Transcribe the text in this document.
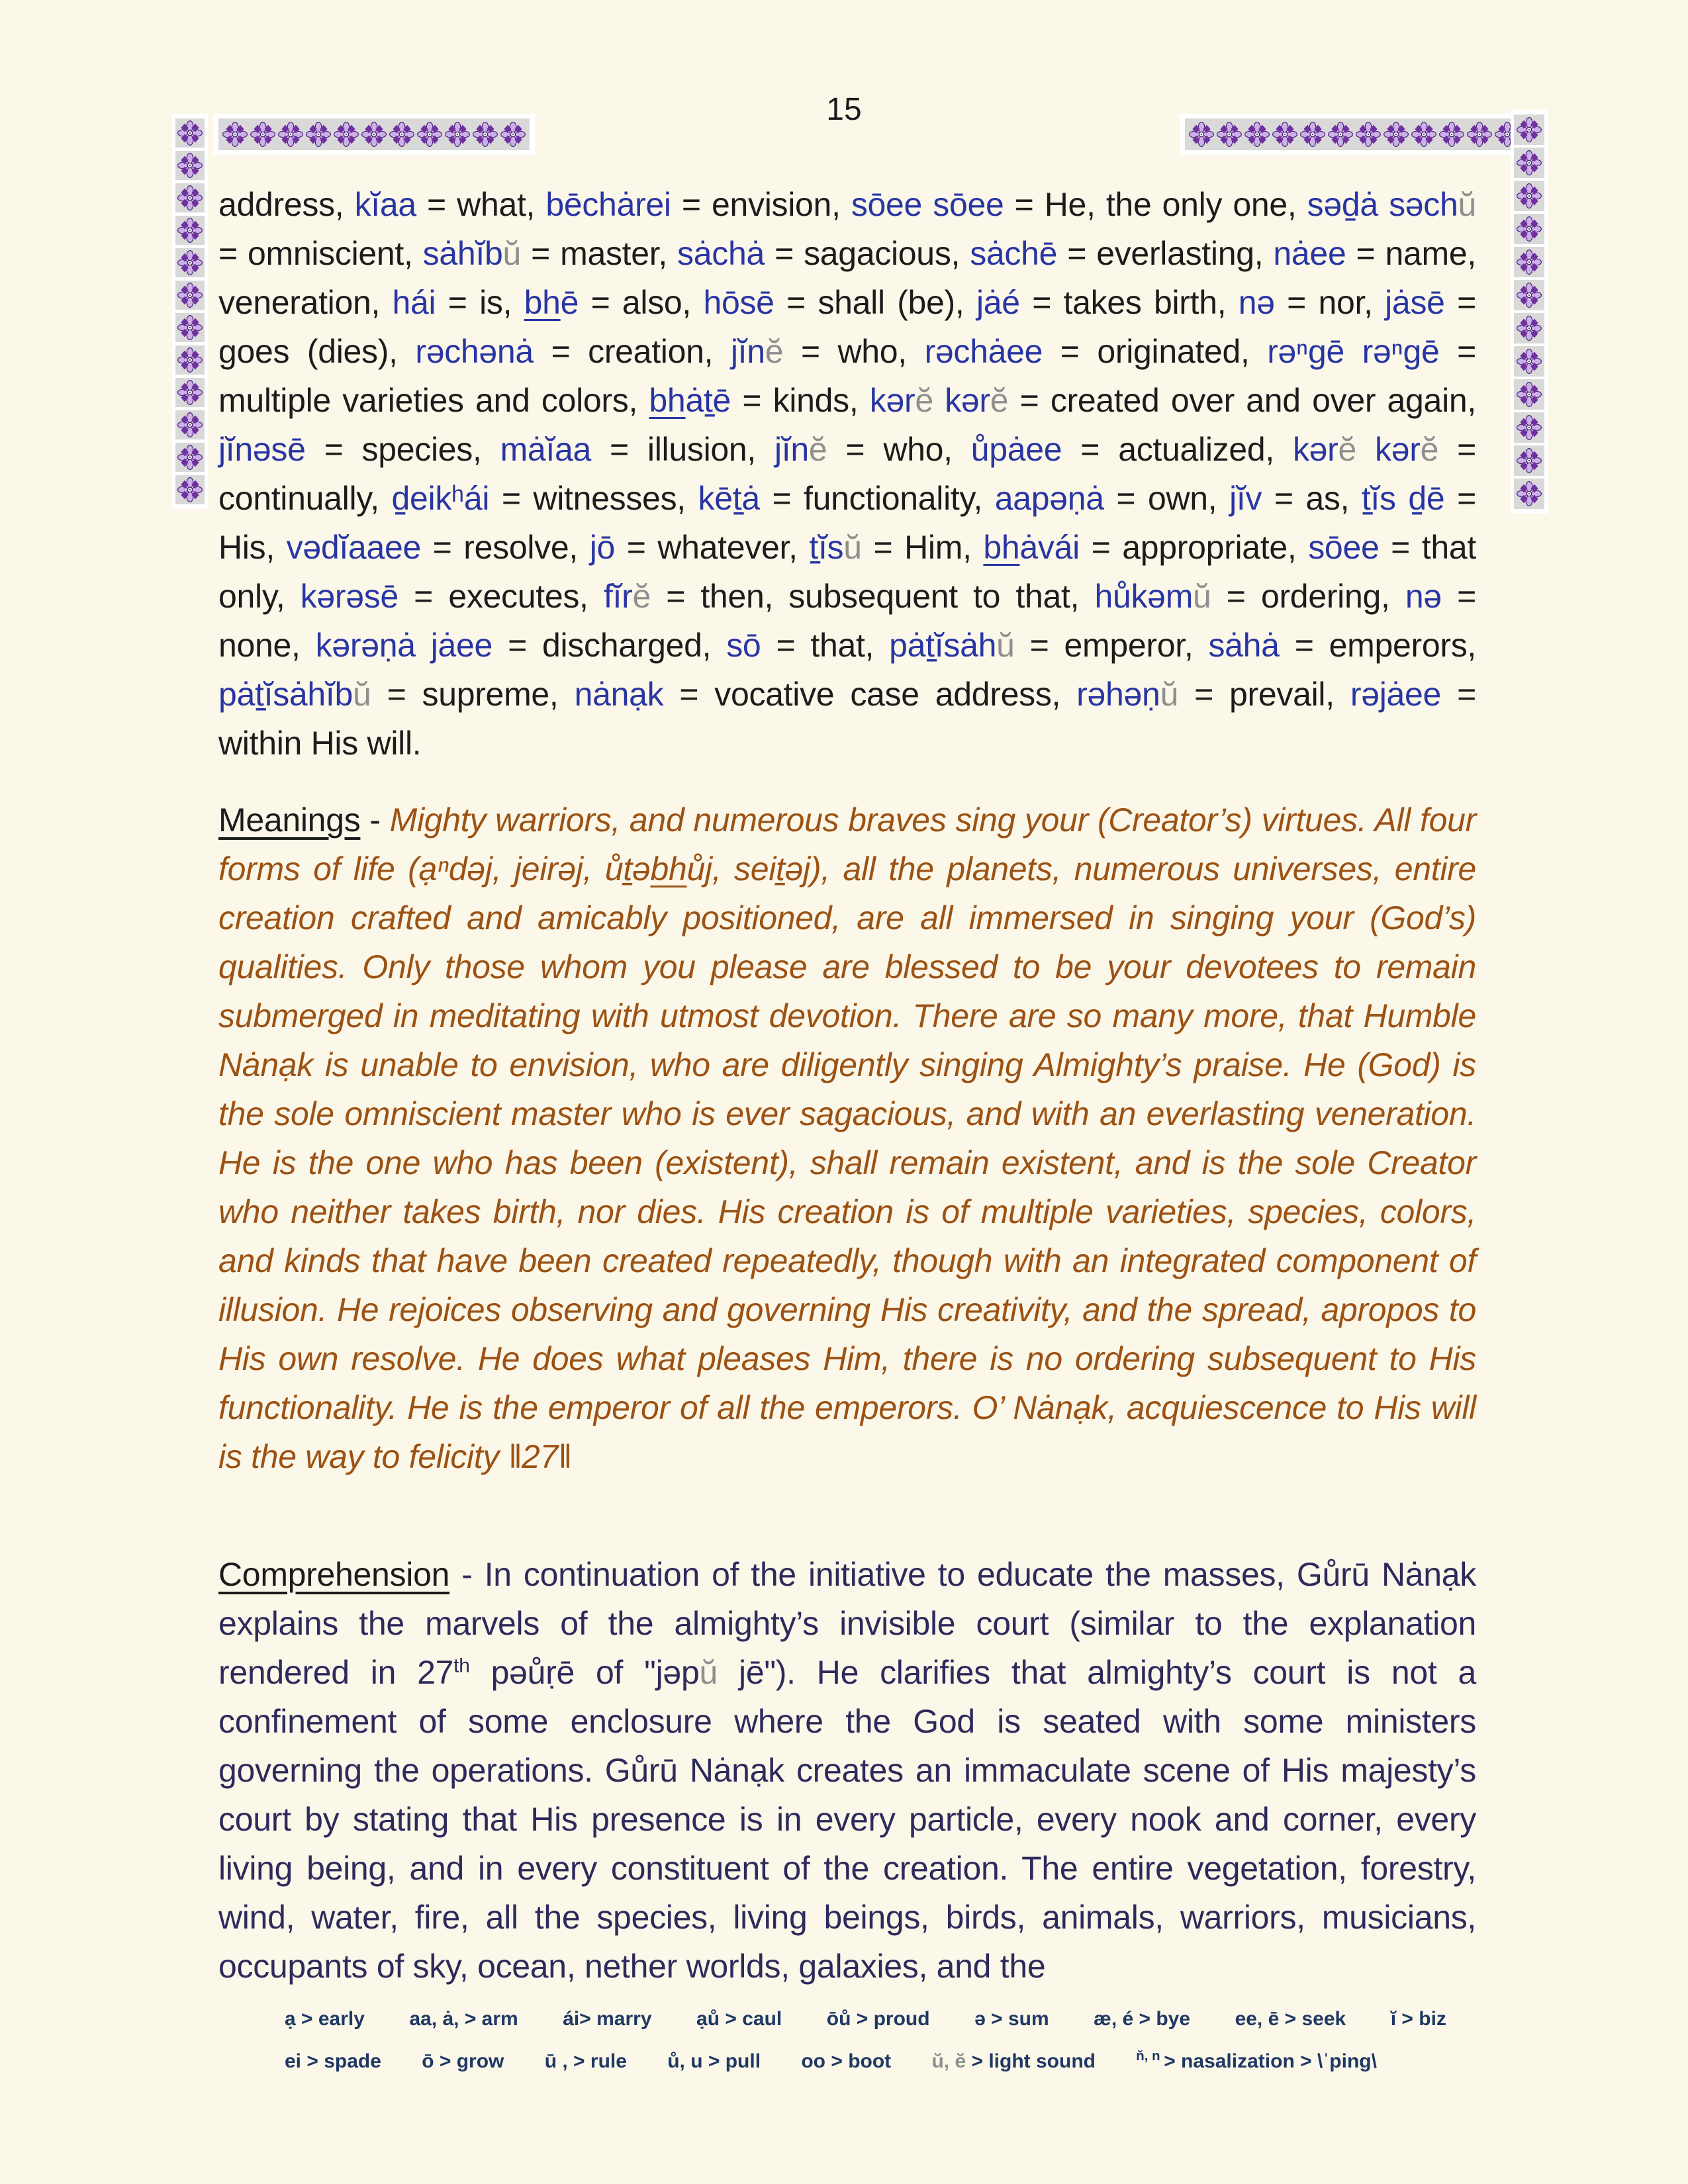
15

address, kĭaa = what, bēchȧrei = envision, sōee sōee = He, the only one, səd̠ȧ səchŭ = omniscient, sȧhĭbŭ = master, sȧchȧ = sagacious, sȧchē = everlasting, nȧee = name, veneration, hái = is, bhē = also, hōsē = shall (be), jȧé = takes birth, nə = nor, jȧsē = goes (dies), rəchənȧ = creation, jĭnĕ = who, rəchȧee = originated, rəⁿgē rəⁿgē = multiple varieties and colors, bhȧt̠ē = kinds, kərĕ kərĕ = created over and over again, jĭnəsē = species, mȧĭaa = illusion, jĭnĕ = who, ůpȧee = actualized, kərĕ kərĕ = continually, d̠eikʰái = witnesses, kēt̠ȧ = functionality, aapəṇȧ = own, jĭv = as, t̠ĭs d̠ē = His, vədĭaaee = resolve, jō = whatever, t̠ĭsŭ = Him, bhȧvái = appropriate, sōee = that only, kərəsē = executes, fĭrĕ = then, subsequent to that, hůkəmŭ = ordering, nə = none, kərəṇȧ jȧee = discharged, sō = that, pȧt̠ĭsȧhŭ = emperor, sȧhȧ = emperors, pȧt̠ĭsȧhĭbŭ = supreme, nȧnạk = vocative case address, rəhəṇŭ = prevail, rəjȧee = within His will.

Meanings - Mighty warriors, and numerous braves sing your (Creator’s) virtues. All four forms of life (ạⁿdəj, jeirəj, ůt̠əbhůj, seit̠əj), all the planets, numerous universes, entire creation crafted and amicably positioned, are all immersed in singing your (God’s) qualities. Only those whom you please are blessed to be your devotees to remain submerged in meditating with utmost devotion. There are so many more, that Humble Nȧnạk is unable to envision, who are diligently singing Almighty’s praise. He (God) is the sole omniscient master who is ever sagacious, and with an everlasting veneration. He is the one who has been (existent), shall remain existent, and is the sole Creator who neither takes birth, nor dies. His creation is of multiple varieties, species, colors, and kinds that have been created repeatedly, though with an integrated component of illusion. He rejoices observing and governing His creativity, and the spread, apropos to His own resolve. He does what pleases Him, there is no ordering subsequent to His functionality. He is the emperor of all the emperors. O’ Nȧnạk, acquiescence to His will is the way to felicity ‖27‖

Comprehension - In continuation of the initiative to educate the masses, Gůrū Nȧnạk explains the marvels of the almighty’s invisible court (similar to the explanation rendered in 27th pəůṛē of "jəpŭ jē"). He clarifies that almighty’s court is not a confinement of some enclosure where the God is seated with some ministers governing the operations. Gůrū Nȧnạk creates an immaculate scene of His majesty’s court by stating that His presence is in every particle, every nook and corner, every living being, and in every constituent of the creation. The entire vegetation, forestry, wind, water, fire, all the species, living beings, birds, animals, warriors, musicians, occupants of sky, ocean, nether worlds, galaxies, and the

ạ > early aa, ȧ, > arm ái> marry ạů > caul ōů > proud ə > sum æ, é > bye ee, ē > seek ĭ > biz
ei > spade ō > grow ū , > rule ů, u > pull oo > boot ŭ, ĕ > light sound	$^{ň, n}$ > nasalization > \ˈping\
